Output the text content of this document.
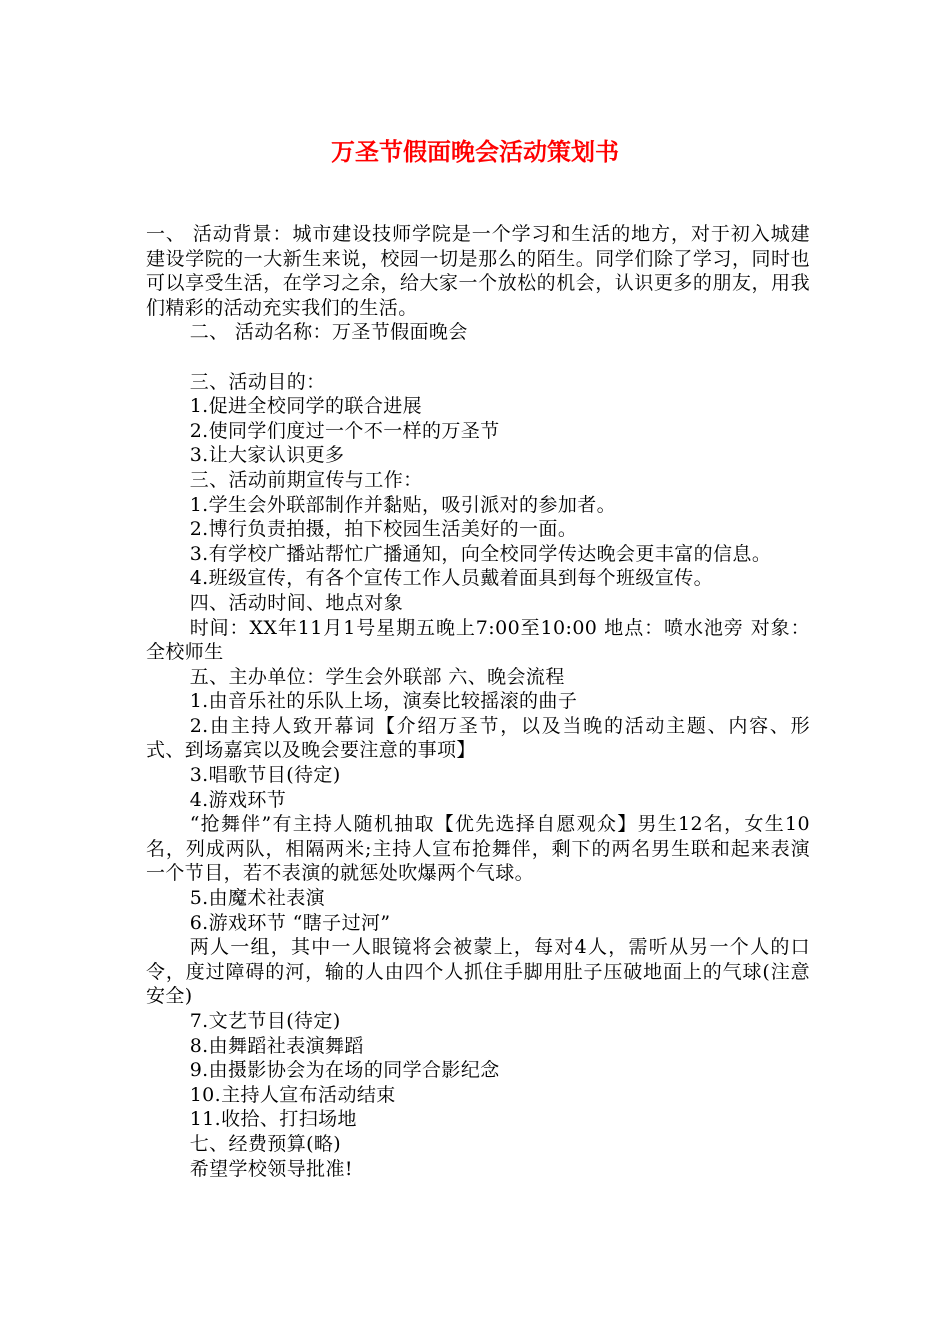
万圣节假面晚会活动策划书

一、 活动背景：城市建设技师学院是一个学习和生活的地方，对于初入城建建设学院的一大新生来说，校园一切是那么的陌生。同学们除了学习，同时也可以享受生活，在学习之余，给大家一个放松的机会，认识更多的朋友，用我们精彩的活动充实我们的生活。

二、 活动名称：万圣节假面晚会

三、活动目的：

1.促进全校同学的联合进展

2.使同学们度过一个不一样的万圣节

3.让大家认识更多

三、活动前期宣传与工作：

1.学生会外联部制作并黏贴，吸引派对的参加者。

2.博行负责拍摄，拍下校园生活美好的一面。

3.有学校广播站帮忙广播通知，向全校同学传达晚会更丰富的信息。

4.班级宣传，有各个宣传工作人员戴着面具到每个班级宣传。

四、活动时间、地点对象

时间：XX年11月1号星期五晚上7:00至10:00 地点：喷水池旁 对象：全校师生

五、主办单位：学生会外联部 六、晚会流程

1.由音乐社的乐队上场，演奏比较摇滚的曲子

2.由主持人致开幕词【介绍万圣节，以及当晚的活动主题、内容、形式、到场嘉宾以及晚会要注意的事项】

3.唱歌节目(待定)

4.游戏环节

“抢舞伴”有主持人随机抽取【优先选择自愿观众】男生12名，女生10名，列成两队，相隔两米;主持人宣布抢舞伴，剩下的两名男生联和起来表演一个节目，若不表演的就惩处吹爆两个气球。

5.由魔术社表演

6.游戏环节 “瞎子过河”

两人一组，其中一人眼镜将会被蒙上，每对4人，需听从另一个人的口令，度过障碍的河，输的人由四个人抓住手脚用肚子压破地面上的气球(注意安全)

7.文艺节目(待定)

8.由舞蹈社表演舞蹈

9.由摄影协会为在场的同学合影纪念

10.主持人宣布活动结束

11.收拾、打扫场地

七、经费预算(略)

希望学校领导批准!
